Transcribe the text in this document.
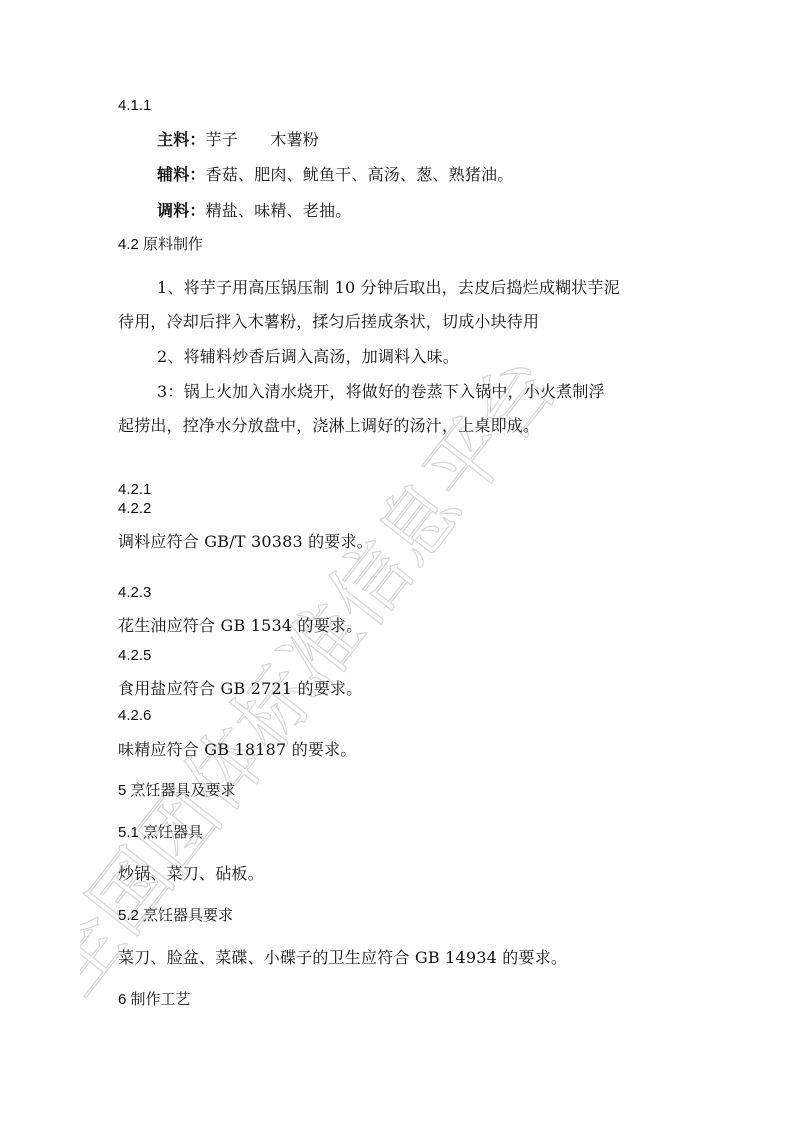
全国团体标准信息平台
4.1.1
主料：芋子　　木薯粉
辅料：香菇、肥肉、鱿鱼干、高汤、葱、熟猪油。
调料：精盐、味精、老抽。
4.2 原料制作
1、将芋子用高压锅压制 10 分钟后取出，去皮后捣烂成糊状芋泥
待用，冷却后拌入木薯粉，揉匀后搓成条状，切成小块待用
2、将辅料炒香后调入高汤，加调料入味。
3：锅上火加入清水烧开，将做好的卷蒸下入锅中，小火煮制浮
起捞出，控净水分放盘中，浇淋上调好的汤汁，上桌即成。
4.2.1
4.2.2
调料应符合 GB/T 30383 的要求。
4.2.3
花生油应符合 GB 1534 的要求。
4.2.5
食用盐应符合 GB 2721 的要求。
4.2.6
味精应符合 GB 18187 的要求。
5 烹饪器具及要求
5.1 烹饪器具
炒锅、菜刀、砧板。
5.2 烹饪器具要求
菜刀、脸盆、菜碟、小碟子的卫生应符合 GB 14934 的要求。
6 制作工艺
